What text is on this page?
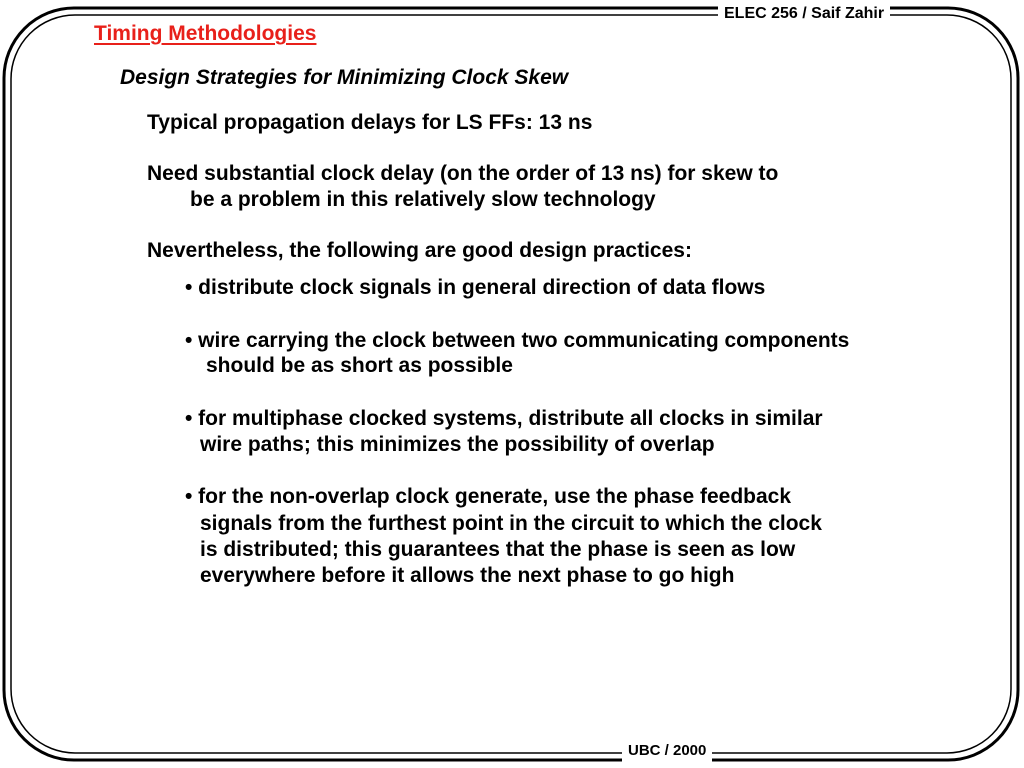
ELEC 256 / Saif Zahir
UBC / 2000
Timing Methodologies
Design Strategies for Minimizing Clock Skew

Typical propagation delays for LS FFs: 13 ns

Need substantial clock delay (on the order of 13 ns) for skew to

be a problem in this relatively slow technology

Nevertheless, the following are good design practices:

• distribute clock signals in general direction of data flows

• wire carrying the clock between two communicating components

should be as short as possible

• for multiphase clocked systems, distribute all clocks in similar

wire paths; this minimizes the possibility of overlap

• for the non-overlap clock generate, use the phase feedback

signals from the furthest point in the circuit to which the clock

is distributed; this guarantees that the phase is seen as low

everywhere before it allows the next phase to go high
